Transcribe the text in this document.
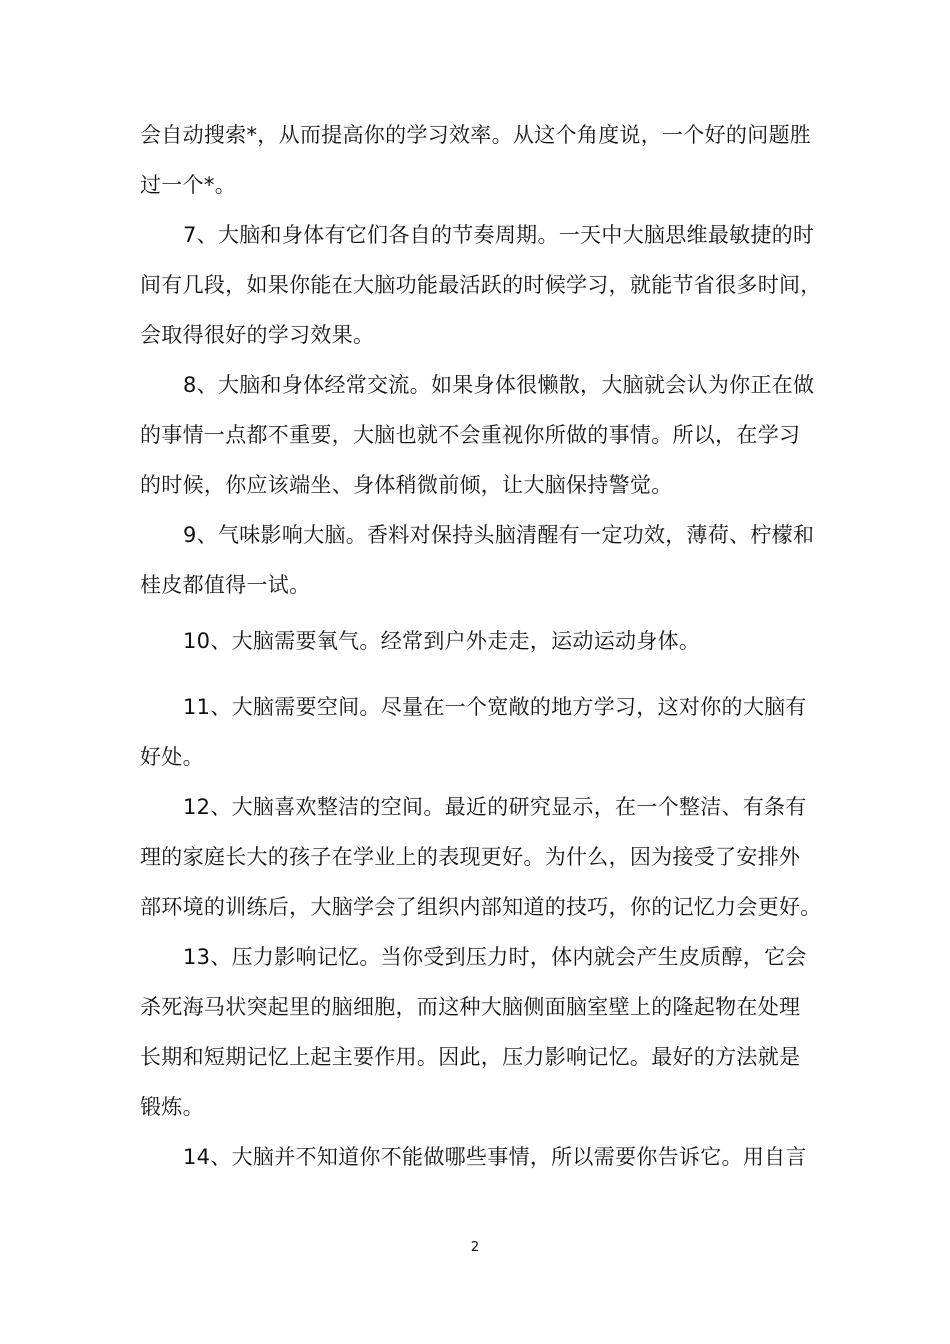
会自动搜索*，从而提高你的学习效率。从这个角度说，一个好的问题胜
过一个*。
7、大脑和身体有它们各自的节奏周期。一天中大脑思维最敏捷的时
间有几段，如果你能在大脑功能最活跃的时候学习，就能节省很多时间，
会取得很好的学习效果。
8、大脑和身体经常交流。如果身体很懒散，大脑就会认为你正在做
的事情一点都不重要，大脑也就不会重视你所做的事情。所以，在学习
的时候，你应该端坐、身体稍微前倾，让大脑保持警觉。
9、气味影响大脑。香料对保持头脑清醒有一定功效，薄荷、柠檬和
桂皮都值得一试。
10、大脑需要氧气。经常到户外走走，运动运动身体。
11、大脑需要空间。尽量在一个宽敞的地方学习，这对你的大脑有
好处。
12、大脑喜欢整洁的空间。最近的研究显示，在一个整洁、有条有
理的家庭长大的孩子在学业上的表现更好。为什么，因为接受了安排外
部环境的训练后，大脑学会了组织内部知道的技巧，你的记忆力会更好。
13、压力影响记忆。当你受到压力时，体内就会产生皮质醇，它会
杀死海马状突起里的脑细胞，而这种大脑侧面脑室壁上的隆起物在处理
长期和短期记忆上起主要作用。因此，压力影响记忆。最好的方法就是
锻炼。
14、大脑并不知道你不能做哪些事情，所以需要你告诉它。用自言
2
